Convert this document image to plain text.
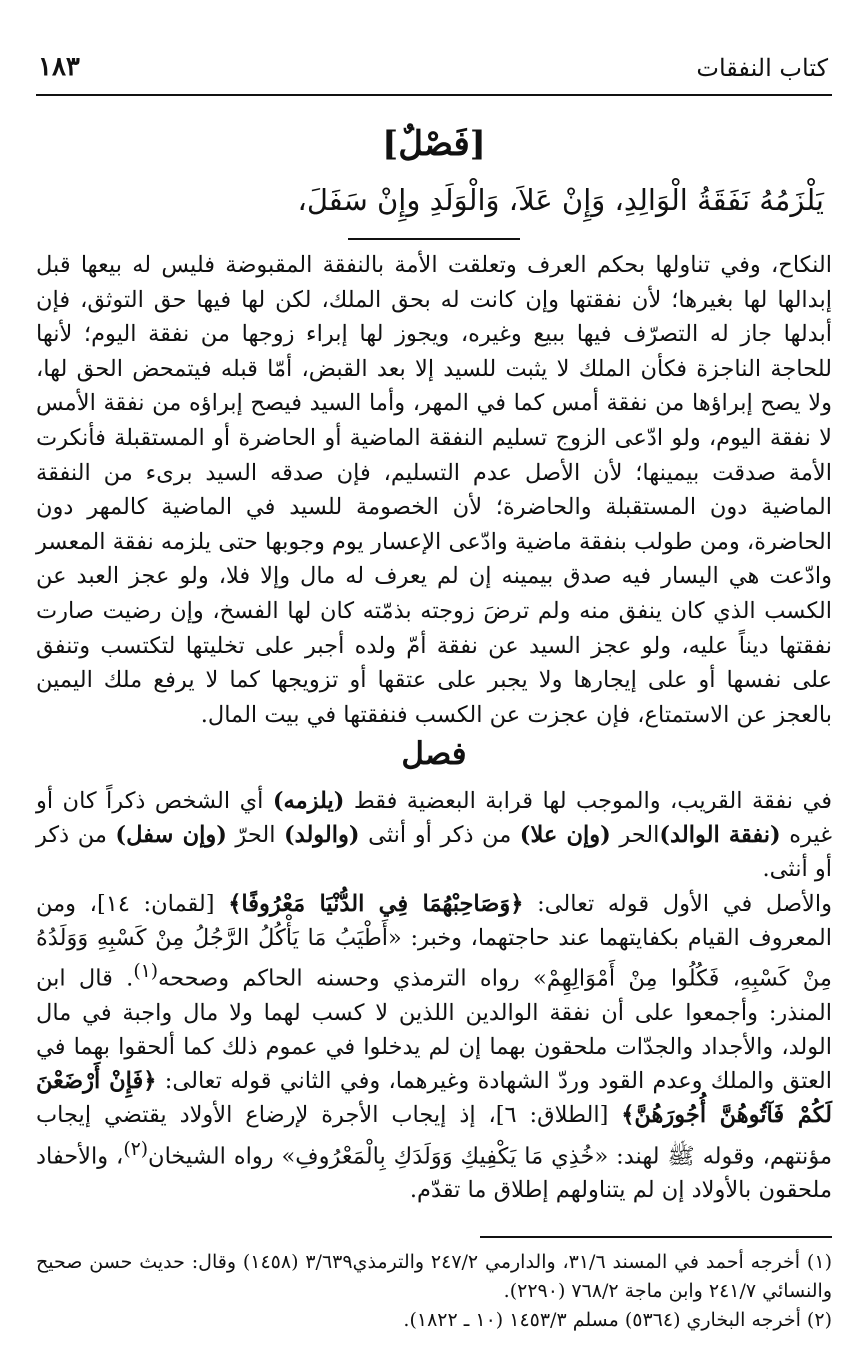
كتاب النفقات
١٨٣
[فَصْلٌ]
يَلْزَمُهُ نَفَقَةُ الْوَالِدِ، وَإِنْ عَلاَ، وَالْوَلَدِ وإِنْ سَفَلَ،

النكاح، وفي تناولها بحكم العرف وتعلقت الأمة بالنفقة المقبوضة فليس له بيعها قبل إبدالها لها بغيرها؛ لأن نفقتها وإن كانت له بحق الملك، لكن لها فيها حق التوثق، فإن أبدلها جاز له التصرّف فيها ببيع وغيره، ويجوز لها إبراء زوجها من نفقة اليوم؛ لأنها للحاجة الناجزة فكأن الملك لا يثبت للسيد إلا بعد القبض، أمّا قبله فيتمحض الحق لها، ولا يصح إبراؤها من نفقة أمس كما في المهر، وأما السيد فيصح إبراؤه من نفقة الأمس لا نفقة اليوم، ولو ادّعى الزوج تسليم النفقة الماضية أو الحاضرة أو المستقبلة فأنكرت الأمة صدقت بيمينها؛ لأن الأصل عدم التسليم، فإن صدقه السيد برىء من النفقة الماضية دون المستقبلة والحاضرة؛ لأن الخصومة للسيد في الماضية كالمهر دون الحاضرة، ومن طولب بنفقة ماضية وادّعى الإعسار يوم وجوبها حتى يلزمه نفقة المعسر وادّعت هي اليسار فيه صدق بيمينه إن لم يعرف له مال وإلا فلا، ولو عجز العبد عن الكسب الذي كان ينفق منه ولم ترضَ زوجته بذمّته كان لها الفسخ، وإن رضيت صارت نفقتها ديناً عليه، ولو عجز السيد عن نفقة أمّ ولده أجبر على تخليتها لتكتسب وتنفق على نفسها أو على إيجارها ولا يجبر على عتقها أو تزويجها كما لا يرفع ملك اليمين بالعجز عن الاستمتاع، فإن عجزت عن الكسب فنفقتها في بيت المال.

فصل

في نفقة القريب، والموجب لها قرابة البعضية فقط (يلزمه) أي الشخص ذكراً كان أو غيره (نفقة الوالد)الحر (وإن علا) من ذكر أو أنثى (والولد) الحرّ (وإن سفل) من ذكر أو أنثى.

والأصل في الأول قوله تعالى: ﴿وَصَاحِبْهُمَا فِي الدُّنْيَا مَعْرُوفًا﴾ [لقمان: ١٤]، ومن المعروف القيام بكفايتهما عند حاجتهما، وخبر: «أَطْيَبُ مَا يَأْكُلُ الرَّجُلُ مِنْ كَسْبِهِ وَوَلَدُهُ مِنْ كَسْبِهِ، فَكُلُوا مِنْ أَمْوَالِهِمْ» رواه الترمذي وحسنه الحاكم وصححه$^{(١)}$. قال ابن المنذر: وأجمعوا على أن نفقة الوالدين اللذين لا كسب لهما ولا مال واجبة في مال الولد، والأجداد والجدّات ملحقون بهما إن لم يدخلوا في عموم ذلك كما ألحقوا بهما في العتق والملك وعدم القود وردّ الشهادة وغيرهما، وفي الثاني قوله تعالى: ﴿فَإِنْ أَرْضَعْنَ لَكُمْ فَآتُوهُنَّ أُجُورَهُنَّ﴾ [الطلاق: ٦]، إذ إيجاب الأجرة لإرضاع الأولاد يقتضي إيجاب مؤنتهم، وقوله ﷺ لهند: «خُذِي مَا يَكْفِيكِ وَوَلَدَكِ بِالْمَعْرُوفِ» رواه الشيخان$^{(٢)}$، والأحفاد ملحقون بالأولاد إن لم يتناولهم إطلاق ما تقدّم.

(١) أخرجه أحمد في المسند ٣١/٦، والدارمي ٢٤٧/٢ والترمذي٣/٦٣٩ (١٤٥٨) وقال: حديث حسن صحيح والنسائي ٢٤١/٧ وابن ماجة ٧٦٨/٢ (٢٢٩٠).

(٢) أخرجه البخاري (٥٣٦٤) مسلم ١٤٥٣/٣ (١٠ ـ ١٨٢٢).
